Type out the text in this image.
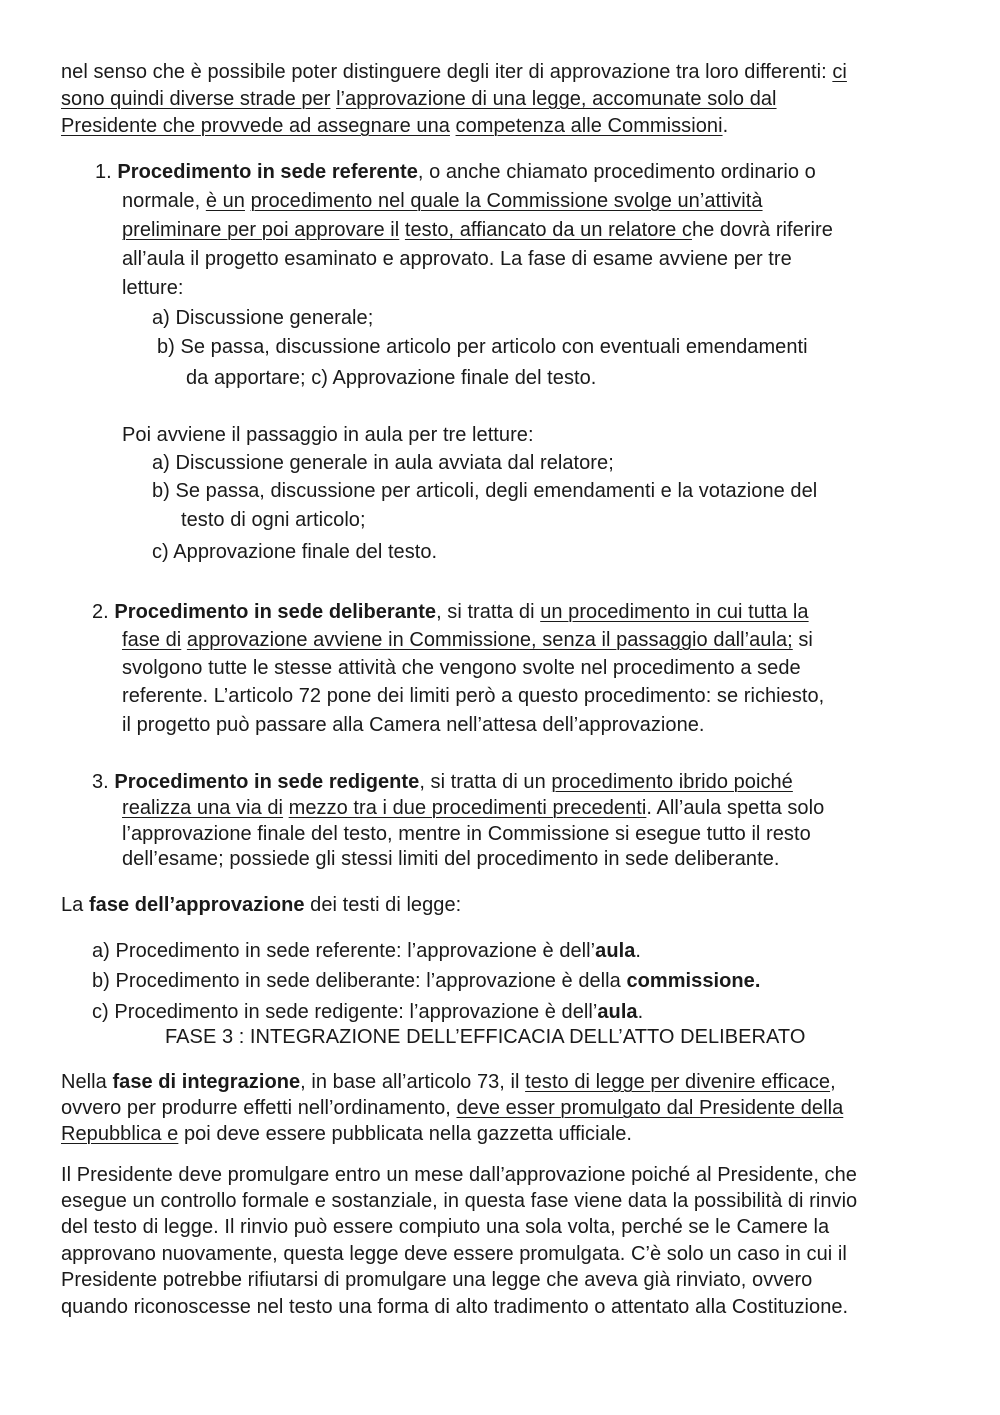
nel senso che è possibile poter distinguere degli iter di approvazione tra loro differenti: ci
sono quindi diverse strade per l’approvazione di una legge, accomunate solo dal
Presidente che provvede ad assegnare una competenza alle Commissioni.
1. Procedimento in sede referente, o anche chiamato procedimento ordinario o
normale, è un procedimento nel quale la Commissione svolge un’attività
preliminare per poi approvare il testo, affiancato da un relatore che dovrà riferire
all’aula il progetto esaminato e approvato. La fase di esame avviene per tre
letture:
a) Discussione generale;
b) Se passa, discussione articolo per articolo con eventuali emendamenti
da apportare; c) Approvazione finale del testo.
Poi avviene il passaggio in aula per tre letture:
a) Discussione generale in aula avviata dal relatore;
b) Se passa, discussione per articoli, degli emendamenti e la votazione del
testo di ogni articolo;
c) Approvazione finale del testo.
2. Procedimento in sede deliberante, si tratta di un procedimento in cui tutta la
fase di approvazione avviene in Commissione, senza il passaggio dall’aula; si
svolgono tutte le stesse attività che vengono svolte nel procedimento a sede
referente. L’articolo 72 pone dei limiti però a questo procedimento: se richiesto,
il progetto può passare alla Camera nell’attesa dell’approvazione.
3. Procedimento in sede redigente, si tratta di un procedimento ibrido poiché
realizza una via di mezzo tra i due procedimenti precedenti. All’aula spetta solo
l’approvazione finale del testo, mentre in Commissione si esegue tutto il resto
dell’esame; possiede gli stessi limiti del procedimento in sede deliberante.
La fase dell’approvazione dei testi di legge:
a) Procedimento in sede referente: l’approvazione è dell’aula.
b) Procedimento in sede deliberante: l’approvazione è della commissione.
c) Procedimento in sede redigente: l’approvazione è dell’aula.
FASE 3 : INTEGRAZIONE DELL’EFFICACIA DELL’ATTO DELIBERATO
Nella fase di integrazione, in base all’articolo 73, il testo di legge per divenire efficace,
ovvero per produrre effetti nell’ordinamento, deve esser promulgato dal Presidente della
Repubblica e poi deve essere pubblicata nella gazzetta ufficiale.
Il Presidente deve promulgare entro un mese dall’approvazione poiché al Presidente, che
esegue un controllo formale e sostanziale, in questa fase viene data la possibilità di rinvio
del testo di legge. Il rinvio può essere compiuto una sola volta, perché se le Camere la
approvano nuovamente, questa legge deve essere promulgata. C’è solo un caso in cui il
Presidente potrebbe rifiutarsi di promulgare una legge che aveva già rinviato, ovvero
quando riconoscesse nel testo una forma di alto tradimento o attentato alla Costituzione.
